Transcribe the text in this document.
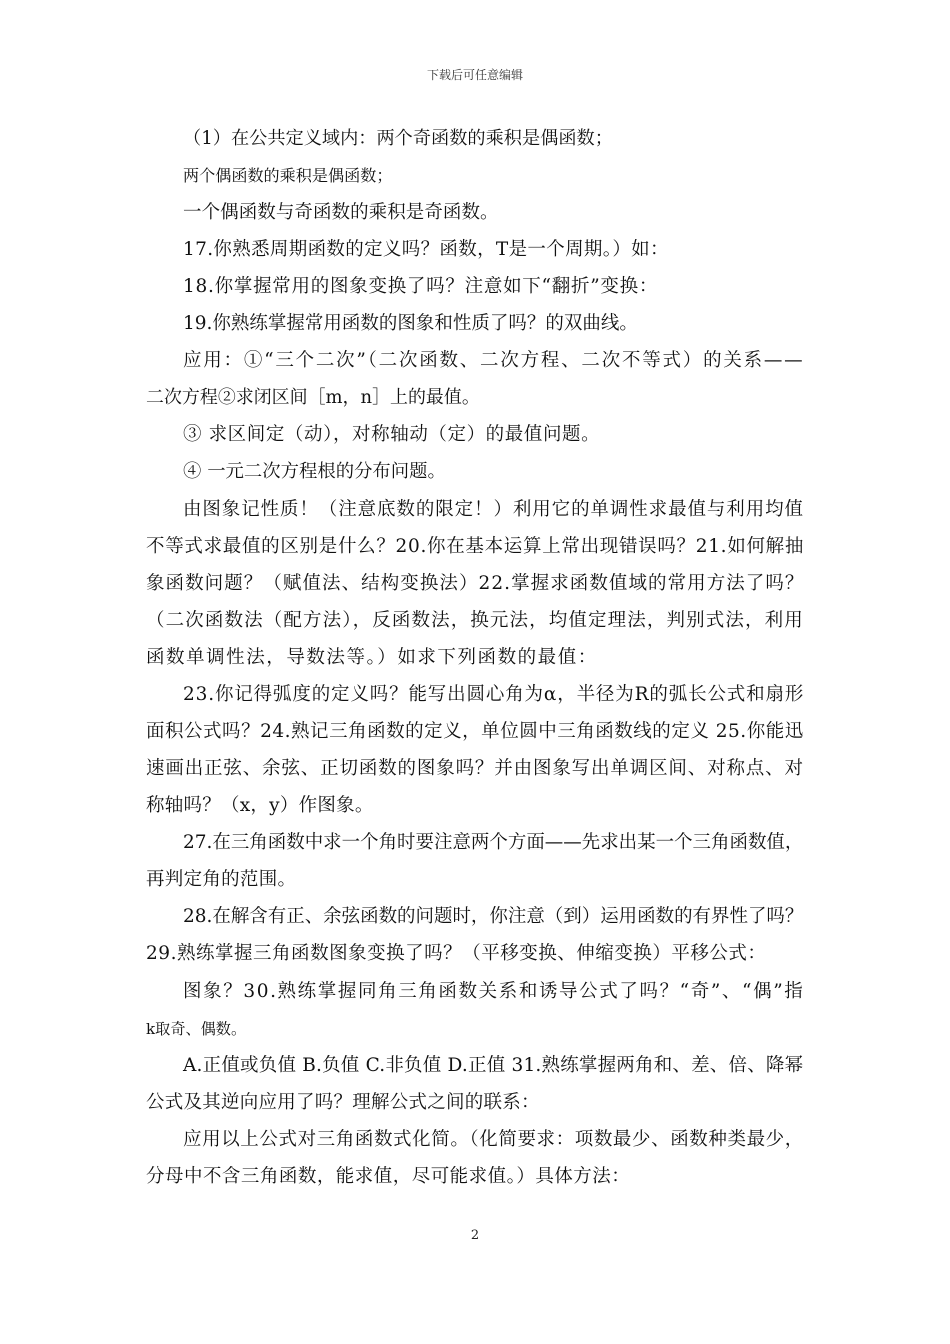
下载后可任意编辑
（1）在公共定义域内：两个奇函数的乘积是偶函数；
两个偶函数的乘积是偶函数；
一个偶函数与奇函数的乘积是奇函数。
17.你熟悉周期函数的定义吗？函数，T是一个周期。）如：
18.你掌握常用的图象变换了吗？注意如下“翻折”变换：
19.你熟练掌握常用函数的图象和性质了吗？的双曲线。
应用：①“三个二次”（二次函数、二次方程、二次不等式）的关系——
二次方程②求闭区间［m，n］上的最值。
③ 求区间定（动），对称轴动（定）的最值问题。
④ 一元二次方程根的分布问题。
由图象记性质！（注意底数的限定！）利用它的单调性求最值与利用均值
不等式求最值的区别是什么？20.你在基本运算上常出现错误吗？21.如何解抽
象函数问题？（赋值法、结构变换法）22.掌握求函数值域的常用方法了吗？
（二次函数法（配方法），反函数法，换元法，均值定理法，判别式法，利用
函数单调性法，导数法等。）如求下列函数的最值：
23.你记得弧度的定义吗？能写出圆心角为α，半径为R的弧长公式和扇形
面积公式吗？24.熟记三角函数的定义，单位圆中三角函数线的定义 25.你能迅
速画出正弦、余弦、正切函数的图象吗？并由图象写出单调区间、对称点、对
称轴吗？（x，y）作图象。
27.在三角函数中求一个角时要注意两个方面——先求出某一个三角函数值，
再判定角的范围。
28.在解含有正、余弦函数的问题时，你注意（到）运用函数的有界性了吗？
29.熟练掌握三角函数图象变换了吗？（平移变换、伸缩变换）平移公式：
图象？30.熟练掌握同角三角函数关系和诱导公式了吗？“奇”、“偶”指
k取奇、偶数。
A.正值或负值 B.负值 C.非负值 D.正值 31.熟练掌握两角和、差、倍、降幂
公式及其逆向应用了吗？理解公式之间的联系：
应用以上公式对三角函数式化简。（化简要求：项数最少、函数种类最少，
分母中不含三角函数，能求值，尽可能求值。）具体方法：
2
